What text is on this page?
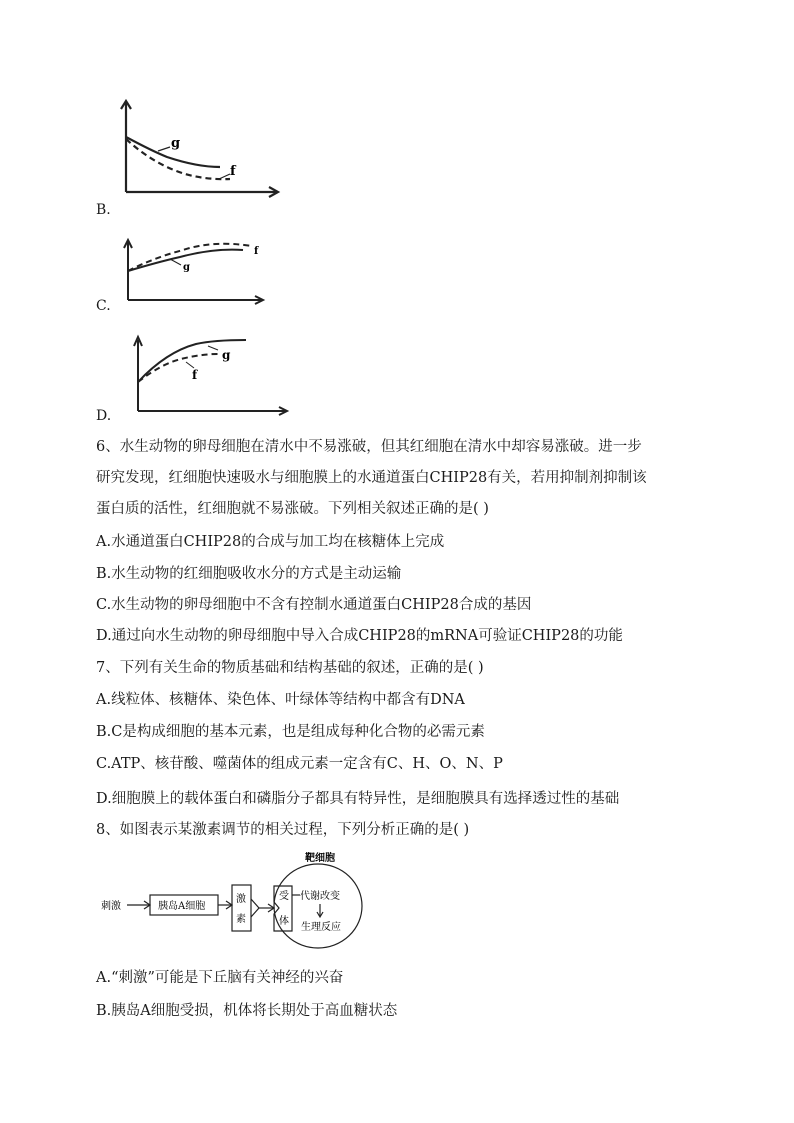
B.
g
f
C.
f
g
D.
g
f
6、水生动物的卵母细胞在清水中不易涨破，但其红细胞在清水中却容易涨破。进一步
研究发现，红细胞快速吸水与细胞膜上的水通道蛋白CHIP28有关，若用抑制剂抑制该
蛋白质的活性，红细胞就不易涨破。下列相关叙述正确的是( )
A.水通道蛋白CHIP28的合成与加工均在核糖体上完成
B.水生动物的红细胞吸收水分的方式是主动运输
C.水生动物的卵母细胞中不含有控制水通道蛋白CHIP28合成的基因
D.通过向水生动物的卵母细胞中导入合成CHIP28的mRNA可验证CHIP28的功能
7、下列有关生命的物质基础和结构基础的叙述，正确的是( )
A.线粒体、核糖体、染色体、叶绿体等结构中都含有DNA
B.C是构成细胞的基本元素，也是组成每种化合物的必需元素
C.ATP、核苷酸、噬菌体的组成元素一定含有C、H、O、N、P
D.细胞膜上的载体蛋白和磷脂分子都具有特异性，是细胞膜具有选择透过性的基础
8、如图表示某激素调节的相关过程，下列分析正确的是( )
靶细胞
刺激	胰岛A细胞
激
素
受
体
代谢改变
生理反应
A.“刺激”可能是下丘脑有关神经的兴奋
B.胰岛A细胞受损，机体将长期处于高血糖状态
